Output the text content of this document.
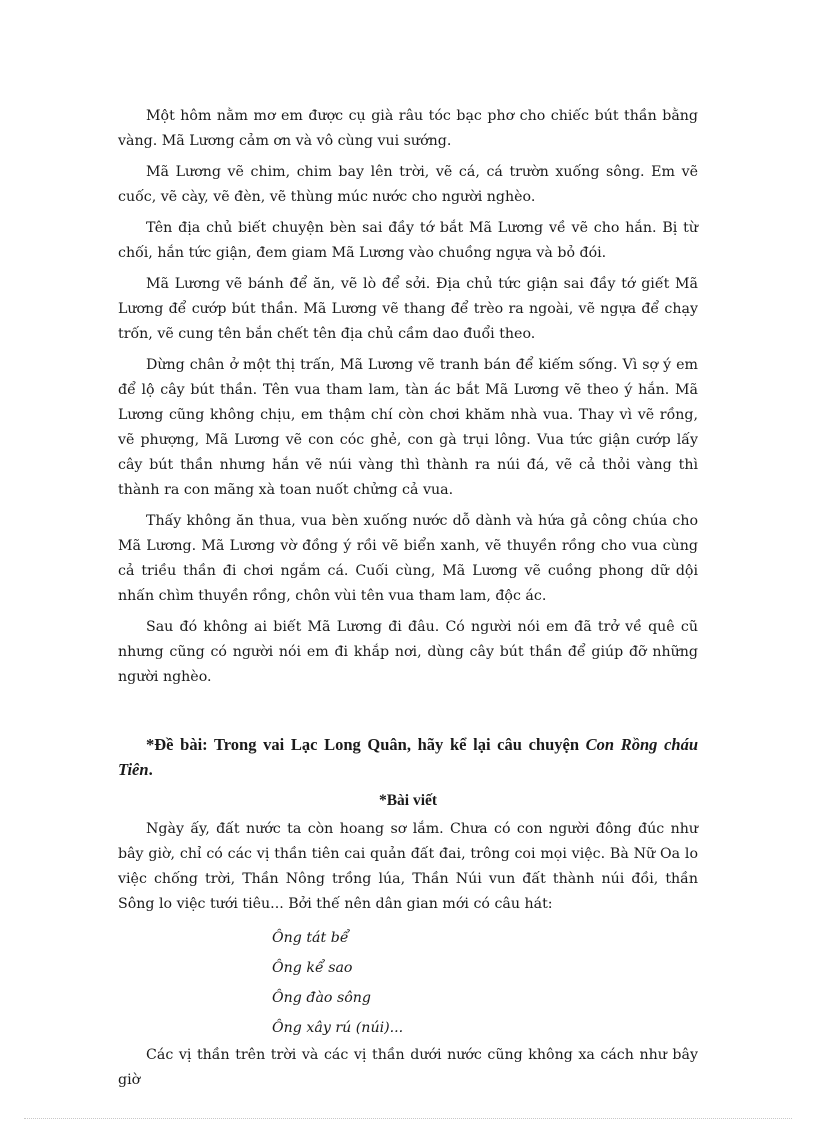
Một hôm nằm mơ em được cụ già râu tóc bạc phơ cho chiếc bút thần bằng vàng. Mã Lương cảm ơn và vô cùng vui sướng.

Mã Lương vẽ chim, chim bay lên trời, vẽ cá, cá trườn xuống sông. Em vẽ cuốc, vẽ cày, vẽ đèn, vẽ thùng múc nước cho người nghèo.

Tên địa chủ biết chuyện bèn sai đầy tớ bắt Mã Lương về vẽ cho hắn. Bị từ chối, hắn tức giận, đem giam Mã Lương vào chuồng ngựa và bỏ đói.

Mã Lương vẽ bánh để ăn, vẽ lò để sởi. Địa chủ tức giận sai đầy tớ giết Mã Lương để cướp bút thần. Mã Lương vẽ thang để trèo ra ngoài, vẽ ngựa để chạy trốn, vẽ cung tên bắn chết tên địa chủ cầm dao đuổi theo.

Dừng chân ở một thị trấn, Mã Lương vẽ tranh bán để kiếm sống. Vì sợ ý em để lộ cây bút thần. Tên vua tham lam, tàn ác bắt Mã Lương vẽ theo ý hắn. Mã Lương cũng không chịu, em thậm chí còn chơi khăm nhà vua. Thay vì vẽ rồng, vẽ phượng, Mã Lương vẽ con cóc ghẻ, con gà trụi lông. Vua tức giận cướp lấy cây bút thần nhưng hắn vẽ núi vàng thì thành ra núi đá, vẽ cả thỏi vàng thì thành ra con mãng xà toan nuốt chửng cả vua.

Thấy không ăn thua, vua bèn xuống nước dỗ dành và hứa gả công chúa cho Mã Lương. Mã Lương vờ đồng ý rồi vẽ biển xanh, vẽ thuyền rồng cho vua cùng cả triều thần đi chơi ngắm cá. Cuối cùng, Mã Lương vẽ cuồng phong dữ dội nhấn chìm thuyền rồng, chôn vùi tên vua tham lam, độc ác.

Sau đó không ai biết Mã Lương đi đâu. Có người nói em đã trở về quê cũ nhưng cũng có người nói em đi khắp nơi, dùng cây bút thần để giúp đỡ những người nghèo.

*Đề bài: Trong vai Lạc Long Quân, hãy kể lại câu chuyện Con Rồng cháu Tiên.

*Bài viết

Ngày ấy, đất nước ta còn hoang sơ lắm. Chưa có con người đông đúc như bây giờ, chỉ có các vị thần tiên cai quản đất đai, trông coi mọi việc. Bà Nữ Oa lo việc chống trời, Thần Nông trồng lúa, Thần Núi vun đất thành núi đồi, thần Sông lo việc tưới tiêu... Bởi thế nên dân gian mới có câu hát:

Ông tát bể

Ông kể sao

Ông đào sông

Ông xây rú (núi)...

Các vị thần trên trời và các vị thần dưới nước cũng không xa cách như bây giờ
